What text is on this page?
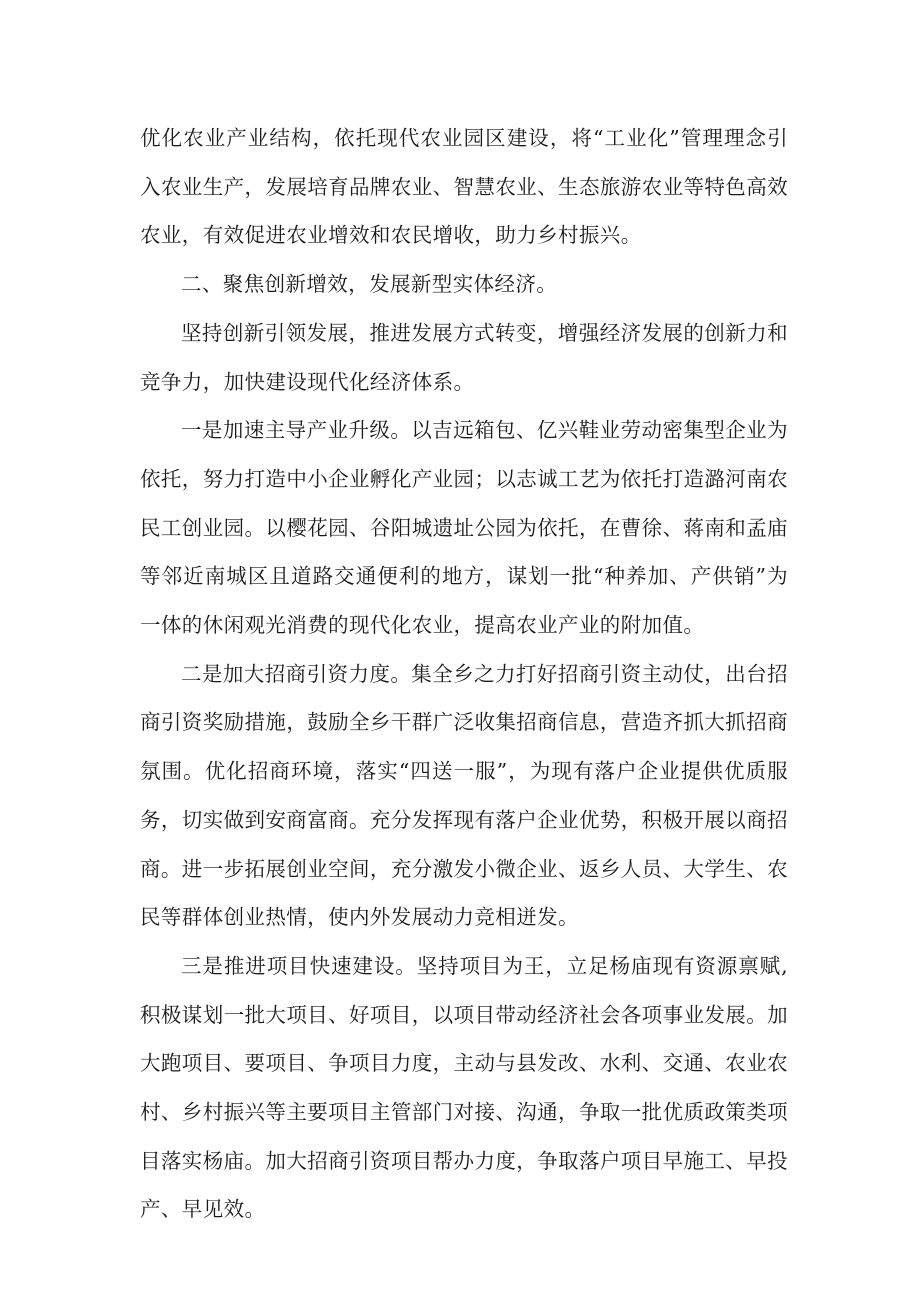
优化农业产业结构，依托现代农业园区建设，将“工业化”管理理念引入农业生产，发展培育品牌农业、智慧农业、生态旅游农业等特色高效农业，有效促进农业增效和农民增收，助力乡村振兴。

二、聚焦创新增效，发展新型实体经济。

坚持创新引领发展，推进发展方式转变，增强经济发展的创新力和竞争力，加快建设现代化经济体系。

一是加速主导产业升级。以吉远箱包、亿兴鞋业劳动密集型企业为依托，努力打造中小企业孵化产业园；以志诚工艺为依托打造潞河南农民工创业园。以樱花园、谷阳城遗址公园为依托，在曹徐、蒋南和孟庙等邻近南城区且道路交通便利的地方，谋划一批“种养加、产供销”为一体的休闲观光消费的现代化农业，提高农业产业的附加值。

二是加大招商引资力度。集全乡之力打好招商引资主动仗，出台招商引资奖励措施，鼓励全乡干群广泛收集招商信息，营造齐抓大抓招商氛围。优化招商环境，落实“四送一服”，为现有落户企业提供优质服务，切实做到安商富商。充分发挥现有落户企业优势，积极开展以商招商。进一步拓展创业空间，充分激发小微企业、返乡人员、大学生、农民等群体创业热情，使内外发展动力竞相迸发。

三是推进项目快速建设。坚持项目为王，立足杨庙现有资源禀赋,积极谋划一批大项目、好项目，以项目带动经济社会各项事业发展。加大跑项目、要项目、争项目力度，主动与县发改、水利、交通、农业农村、乡村振兴等主要项目主管部门对接、沟通，争取一批优质政策类项目落实杨庙。加大招商引资项目帮办力度，争取落户项目早施工、早投产、早见效。
